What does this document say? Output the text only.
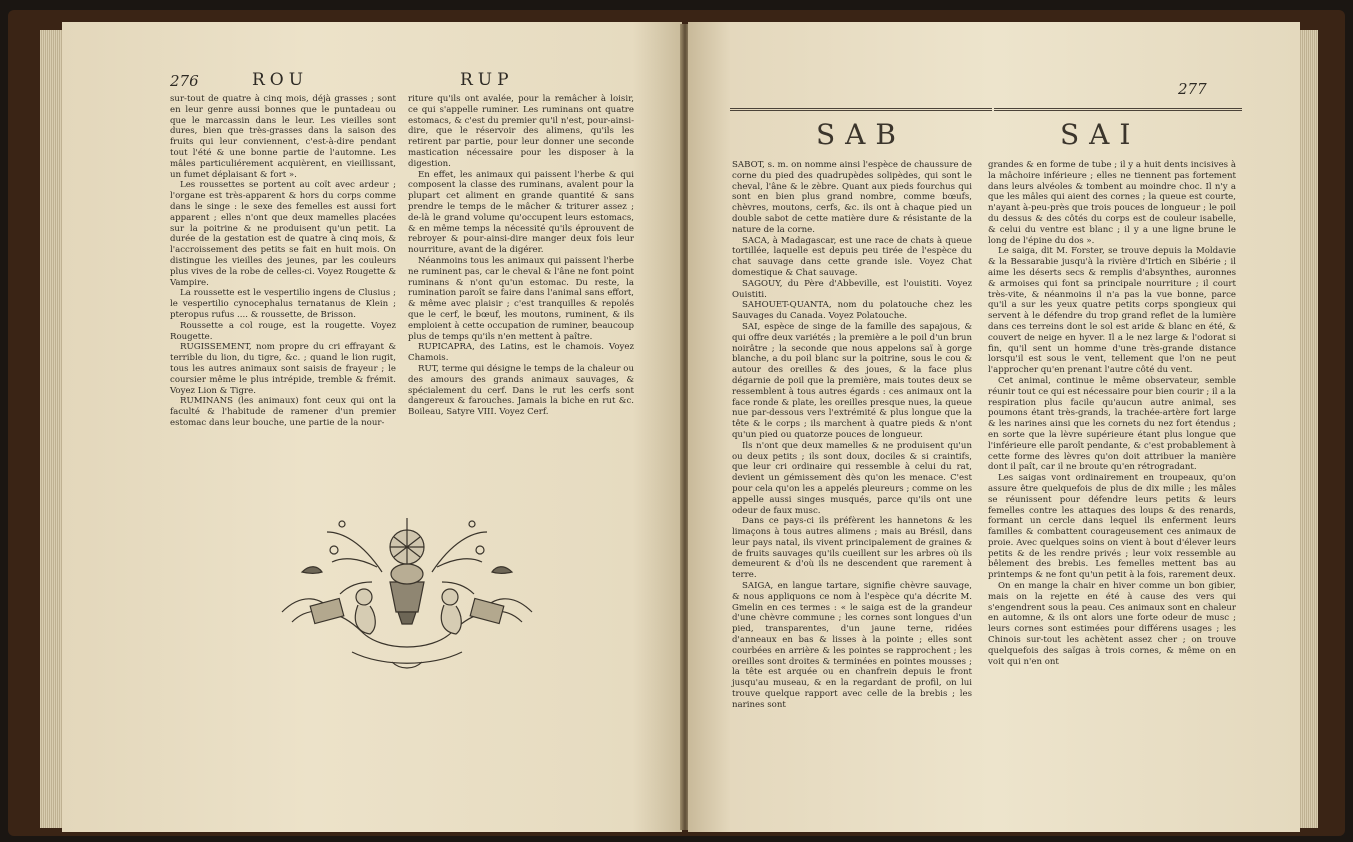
276	ROU	RUP

sur-tout de quatre à cinq mois, déjà grasses ; sont en leur genre aussi bonnes que le puntadeau ou que le marcassin dans le leur. Les vieilles sont dures, bien que très-grasses dans la saison des fruits qui leur conviennent, c'est-à-dire pendant tout l'été & une bonne partie de l'automne. Les mâles particuliérement acquièrent, en vieillissant, un fumet déplaisant & fort ».

Les roussettes se portent au coït avec ardeur ; l'organe est très-apparent & hors du corps comme dans le singe : le sexe des femelles est aussi fort apparent ; elles n'ont que deux mamelles placées sur la poitrine & ne produisent qu'un petit. La durée de la gestation est de quatre à cinq mois, & l'accroissement des petits se fait en huit mois. On distingue les vieilles des jeunes, par les couleurs plus vives de la robe de celles-ci. Voyez Rougette & Vampire.

La roussette est le vespertilio ingens de Clusius ; le vespertilio cynocephalus ternatanus de Klein ; pteropus rufus .... & roussette, de Brisson.

Roussette a col rouge, est la rougette. Voyez Rougette.

RUGISSEMENT, nom propre du cri effrayant & terrible du lion, du tigre, &c. ; quand le lion rugit, tous les autres animaux sont saisis de frayeur ; le coursier même le plus intrépide, tremble & frémit. Voyez Lion & Tigre.

RUMINANS (les animaux) font ceux qui ont la faculté & l'habitude de ramener d'un premier estomac dans leur bouche, une partie de la nour-

riture qu'ils ont avalée, pour la remâcher à loisir, ce qui s'appelle ruminer. Les ruminans ont quatre estomacs, & c'est du premier qu'il n'est, pour-ainsi-dire, que le réservoir des alimens, qu'ils les retirent par partie, pour leur donner une seconde mastication nécessaire pour les disposer à la digestion.

En effet, les animaux qui paissent l'herbe & qui composent la classe des ruminans, avalent pour la plupart cet aliment en grande quantité & sans prendre le temps de le mâcher & triturer assez ; de-là le grand volume qu'occupent leurs estomacs, & en même temps la nécessité qu'ils éprouvent de rebroyer & pour-ainsi-dire manger deux fois leur nourriture, avant de la digérer.

Néanmoins tous les animaux qui paissent l'herbe ne ruminent pas, car le cheval & l'âne ne font point ruminans & n'ont qu'un estomac. Du reste, la rumination paroît se faire dans l'animal sans effort, & même avec plaisir ; c'est tranquilles & repolés que le cerf, le bœuf, les moutons, ruminent, & ils emploient à cette occupation de ruminer, beaucoup plus de temps qu'ils n'en mettent à paître.

RUPICAPRA, des Latins, est le chamois. Voyez Chamois.

RUT, terme qui désigne le temps de la chaleur ou des amours des grands animaux sauvages, & spécialement du cerf. Dans le rut les cerfs sont dangereux & farouches. Jamais la biche en rut &c. Boileau, Satyre VIII. Voyez Cerf.

277
SAB	SAI

SABOT, s. m. on nomme ainsi l'espèce de chaussure de corne du pied des quadrupèdes solipèdes, qui sont le cheval, l'âne & le zèbre. Quant aux pieds fourchus qui sont en bien plus grand nombre, comme bœufs, chèvres, moutons, cerfs, &c. ils ont à chaque pied un double sabot de cette matière dure & résistante de la nature de la corne.

SACA, à Madagascar, est une race de chats à queue tortillée, laquelle est depuis peu tirée de l'espèce du chat sauvage dans cette grande isle. Voyez Chat domestique & Chat sauvage.

SAGOUY, du Père d'Abbeville, est l'ouistiti. Voyez Ouistiti.

SAHOUET-QUANTA, nom du polatouche chez les Sauvages du Canada. Voyez Polatouche.

SAI, espèce de singe de la famille des sapajous, & qui offre deux variétés ; la première a le poil d'un brun noirâtre ; la seconde que nous appelons saï à gorge blanche, a du poil blanc sur la poitrine, sous le cou & autour des oreilles & des joues, & la face plus dégarnie de poil que la première, mais toutes deux se ressemblent à tous autres égards : ces animaux ont la face ronde & plate, les oreilles presque nues, la queue nue par-dessous vers l'extrémité & plus longue que la tête & le corps ; ils marchent à quatre pieds & n'ont qu'un pied ou quatorze pouces de longueur.

Ils n'ont que deux mamelles & ne produisent qu'un ou deux petits ; ils sont doux, dociles & si craintifs, que leur cri ordinaire qui ressemble à celui du rat, devient un gémissement dès qu'on les menace. C'est pour cela qu'on les a appelés pleureurs ; comme on les appelle aussi singes musqués, parce qu'ils ont une odeur de faux musc.

Dans ce pays-ci ils préfèrent les hannetons & les limaçons à tous autres alimens ; mais au Brésil, dans leur pays natal, ils vivent principalement de graines & de fruits sauvages qu'ils cueillent sur les arbres où ils demeurent & d'où ils ne descendent que rarement à terre.

SAIGA, en langue tartare, signifie chèvre sauvage, & nous appliquons ce nom à l'espèce qu'a décrite M. Gmelin en ces termes : « le saiga est de la grandeur d'une chèvre commune ; les cornes sont longues d'un pied, transparentes, d'un jaune terne, ridées d'anneaux en bas & lisses à la pointe ; elles sont courbées en arrière & les pointes se rapprochent ; les oreilles sont droites & terminées en pointes mousses ; la tête est arquée ou en chanfrein depuis le front jusqu'au museau, & en la regardant de profil, on lui trouve quelque rapport avec celle de la brebis ; les narines sont

grandes & en forme de tube ; il y a huit dents incisives à la mâchoire inférieure ; elles ne tiennent pas fortement dans leurs alvéoles & tombent au moindre choc. Il n'y a que les mâles qui aient des cornes ; la queue est courte, n'ayant à-peu-près que trois pouces de longueur ; le poil du dessus & des côtés du corps est de couleur isabelle, & celui du ventre est blanc ; il y a une ligne brune le long de l'épine du dos ».

Le saiga, dit M. Forster, se trouve depuis la Moldavie & la Bessarabie jusqu'à la rivière d'Irtich en Sibérie ; il aime les déserts secs & remplis d'absynthes, auronnes & armoises qui font sa principale nourriture ; il court très-vite, & néanmoins il n'a pas la vue bonne, parce qu'il a sur les yeux quatre petits corps spongieux qui servent à le défendre du trop grand reflet de la lumière dans ces terreins dont le sol est aride & blanc en été, & couvert de neige en hyver. Il a le nez large & l'odorat si fin, qu'il sent un homme d'une très-grande distance lorsqu'il est sous le vent, tellement que l'on ne peut l'approcher qu'en prenant l'autre côté du vent.

Cet animal, continue le même observateur, semble réunir tout ce qui est nécessaire pour bien courir ; il a la respiration plus facile qu'aucun autre animal, ses poumons étant très-grands, la trachée-artère fort large & les narines ainsi que les cornets du nez fort étendus ; en sorte que la lèvre supérieure étant plus longue que l'inférieure elle paroît pendante, & c'est probablement à cette forme des lèvres qu'on doit attribuer la manière dont il paît, car il ne broute qu'en rétrogradant.

Les saigas vont ordinairement en troupeaux, qu'on assure être quelquefois de plus de dix mille ; les mâles se réunissent pour défendre leurs petits & leurs femelles contre les attaques des loups & des renards, formant un cercle dans lequel ils enferment leurs familles & combattent courageusement ces animaux de proie. Avec quelques soins on vient à bout d'élever leurs petits & de les rendre privés ; leur voix ressemble au bêlement des brebis. Les femelles mettent bas au printemps & ne font qu'un petit à la fois, rarement deux.

On en mange la chair en hiver comme un bon gibier, mais on la rejette en été à cause des vers qui s'engendrent sous la peau. Ces animaux sont en chaleur en automne, & ils ont alors une forte odeur de musc ; leurs cornes sont estimées pour différens usages ; les Chinois sur-tout les achètent assez cher ; on trouve quelquefois des saïgas à trois cornes, & même on en voit qui n'en ont
